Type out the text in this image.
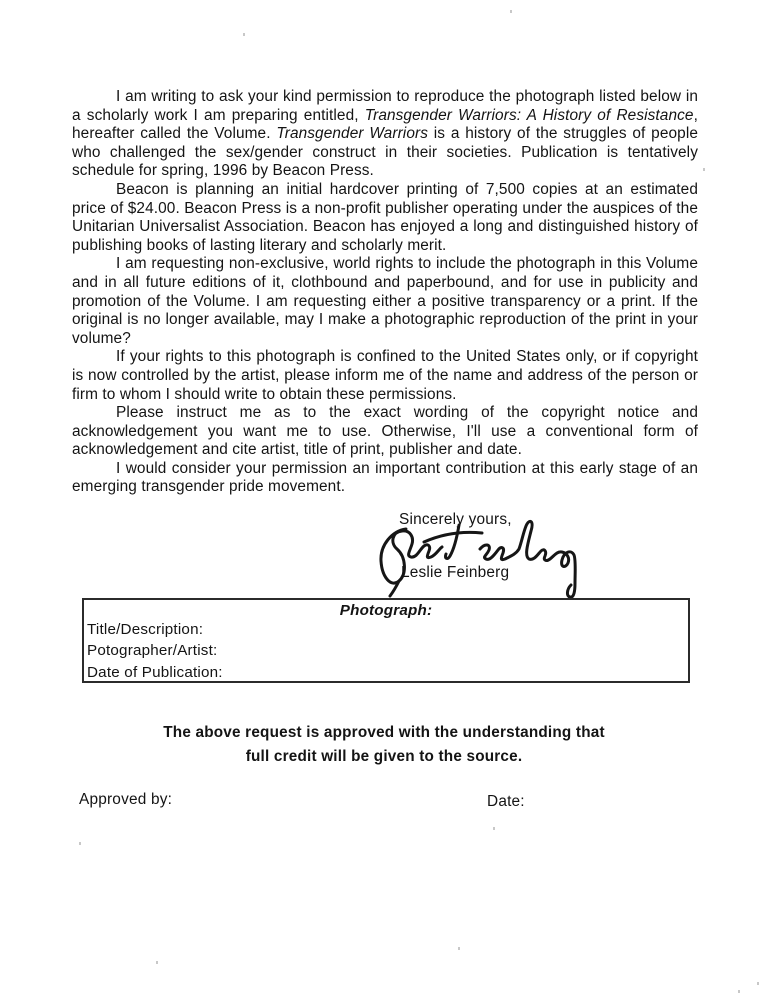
I am writing to ask your kind permission to reproduce the photograph listed below in a scholarly work I am preparing entitled, Transgender Warriors: A History of Resistance, hereafter called the Volume. Transgender Warriors is a history of the struggles of people who challenged the sex/gender construct in their societies. Publication is tentatively schedule for spring, 1996 by Beacon Press.

Beacon is planning an initial hardcover printing of 7,500 copies at an estimated price of $24.00. Beacon Press is a non-profit publisher operating under the auspices of the Unitarian Universalist Association. Beacon has enjoyed a long and distinguished history of publishing books of lasting literary and scholarly merit.

I am requesting non-exclusive, world rights to include the photograph in this Volume and in all future editions of it, clothbound and paperbound, and for use in publicity and promotion of the Volume. I am requesting either a positive transparency or a print. If the original is no longer available, may I make a photographic reproduction of the print in your volume?

If your rights to this photograph is confined to the United States only, or if copyright is now controlled by the artist, please inform me of the name and address of the person or firm to whom I should write to obtain these permissions.

Please instruct me as to the exact wording of the copyright notice and acknowledgement you want me to use. Otherwise, I'll use a conventional form of acknowledgement and cite artist, title of print, publisher and date.

I would consider your permission an important contribution at this early stage of an emerging transgender pride movement.

Sincerely yours,
Leslie Feinberg
Photograph:
Title/Description:
Potographer/Artist:
Date of Publication:
The above request is approved with the understanding that
full credit will be given to the source.
Approved by:	Date:
